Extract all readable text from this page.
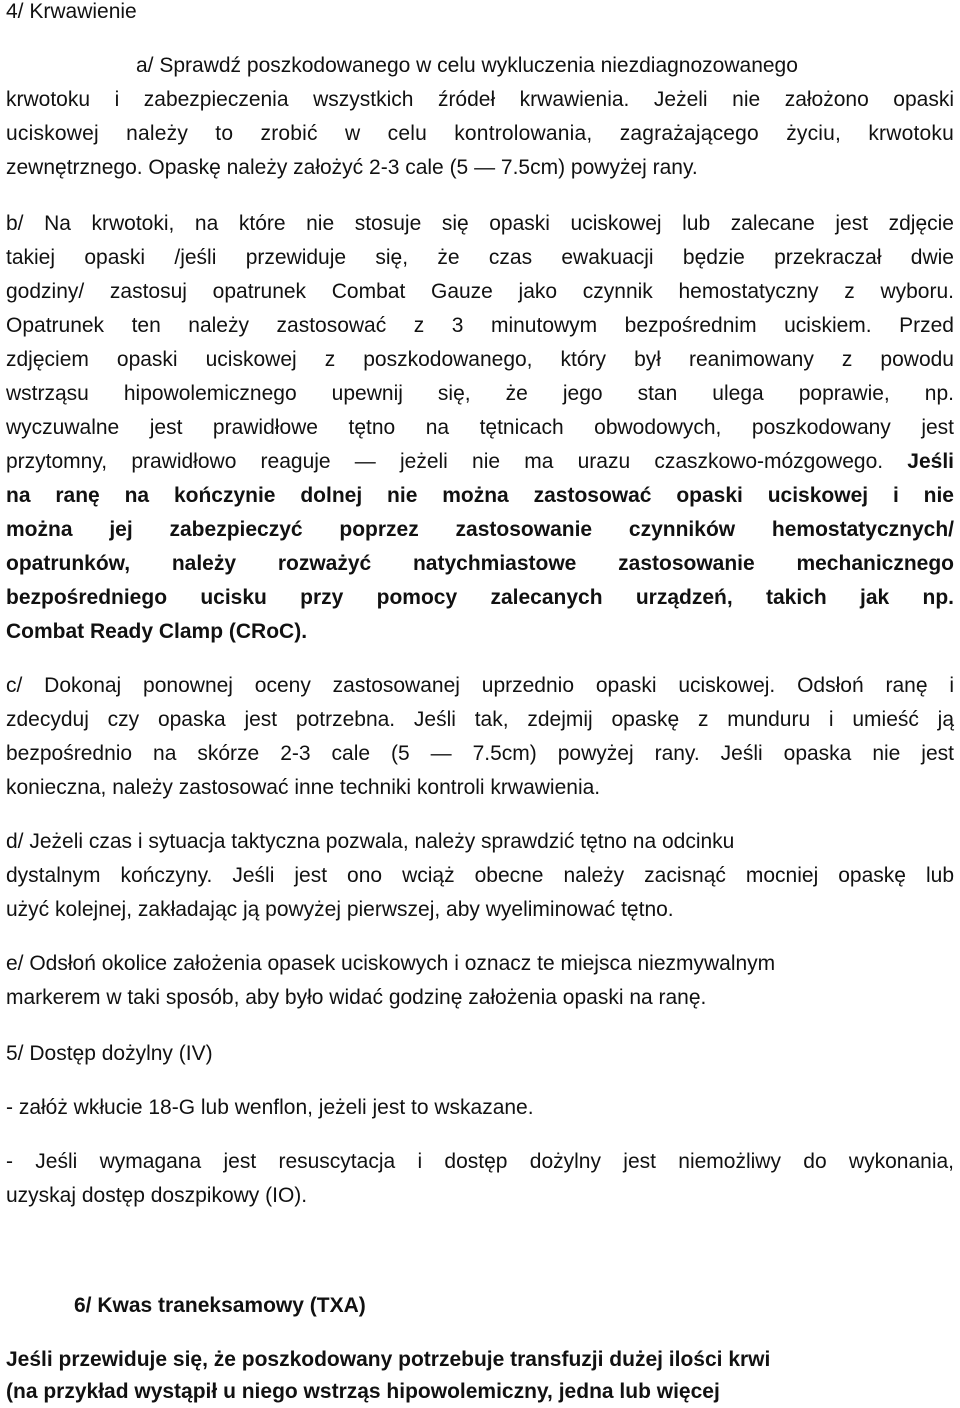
4/ Krwawienie
a/ Sprawdź poszkodowanego w celu wykluczenia niezdiagnozowanego
krwotoku i zabezpieczenia wszystkich źródeł krwawienia. Jeżeli nie założono opaski
uciskowej należy to zrobić w celu kontrolowania, zagrażającego życiu, krwotoku
zewnętrznego. Opaskę należy założyć 2-3 cale (5 — 7.5cm) powyżej rany.
b/ Na krwotoki, na które nie stosuje się opaski uciskowej lub zalecane jest zdjęcie
takiej opaski /jeśli przewiduje się, że czas ewakuacji będzie przekraczał dwie
godziny/ zastosuj opatrunek Combat Gauze jako czynnik hemostatyczny z wyboru.
Opatrunek ten należy zastosować z 3 minutowym bezpośrednim uciskiem. Przed
zdjęciem opaski uciskowej z poszkodowanego, który był reanimowany z powodu
wstrząsu hipowolemicznego upewnij się, że jego stan ulega poprawie, np.
wyczuwalne jest prawidłowe tętno na tętnicach obwodowych, poszkodowany jest
przytomny, prawidłowo reaguje — jeżeli nie ma urazu czaszkowo-mózgowego. Jeśli
na ranę na kończynie dolnej nie można zastosować opaski uciskowej i nie
można jej zabezpieczyć poprzez zastosowanie czynników hemostatycznych/
opatrunków, należy rozważyć natychmiastowe zastosowanie mechanicznego
bezpośredniego ucisku przy pomocy zalecanych urządzeń, takich jak np.
Combat Ready Clamp (CRoC).
c/ Dokonaj ponownej oceny zastosowanej uprzednio opaski uciskowej. Odsłoń ranę i
zdecyduj czy opaska jest potrzebna. Jeśli tak, zdejmij opaskę z munduru i umieść ją
bezpośrednio na skórze 2-3 cale (5 — 7.5cm) powyżej rany. Jeśli opaska nie jest
konieczna, należy zastosować inne techniki kontroli krwawienia.
d/ Jeżeli czas i sytuacja taktyczna pozwala, należy sprawdzić tętno na odcinku
dystalnym kończyny. Jeśli jest ono wciąż obecne należy zacisnąć mocniej opaskę lub
użyć kolejnej, zakładając ją powyżej pierwszej, aby wyeliminować tętno.
e/ Odsłoń okolice założenia opasek uciskowych i oznacz te miejsca niezmywalnym
markerem w taki sposób, aby było widać godzinę założenia opaski na ranę.
5/ Dostęp dożylny (IV)
- załóż wkłucie 18-G lub wenflon, jeżeli jest to wskazane.
- Jeśli wymagana jest resuscytacja i dostęp dożylny jest niemożliwy do wykonania,
uzyskaj dostęp doszpikowy (IO).
6/ Kwas traneksamowy (TXA)
Jeśli przewiduje się, że poszkodowany potrzebuje transfuzji dużej ilości krwi
(na przykład wystąpił u niego wstrząs hipowolemiczny, jedna lub więcej
